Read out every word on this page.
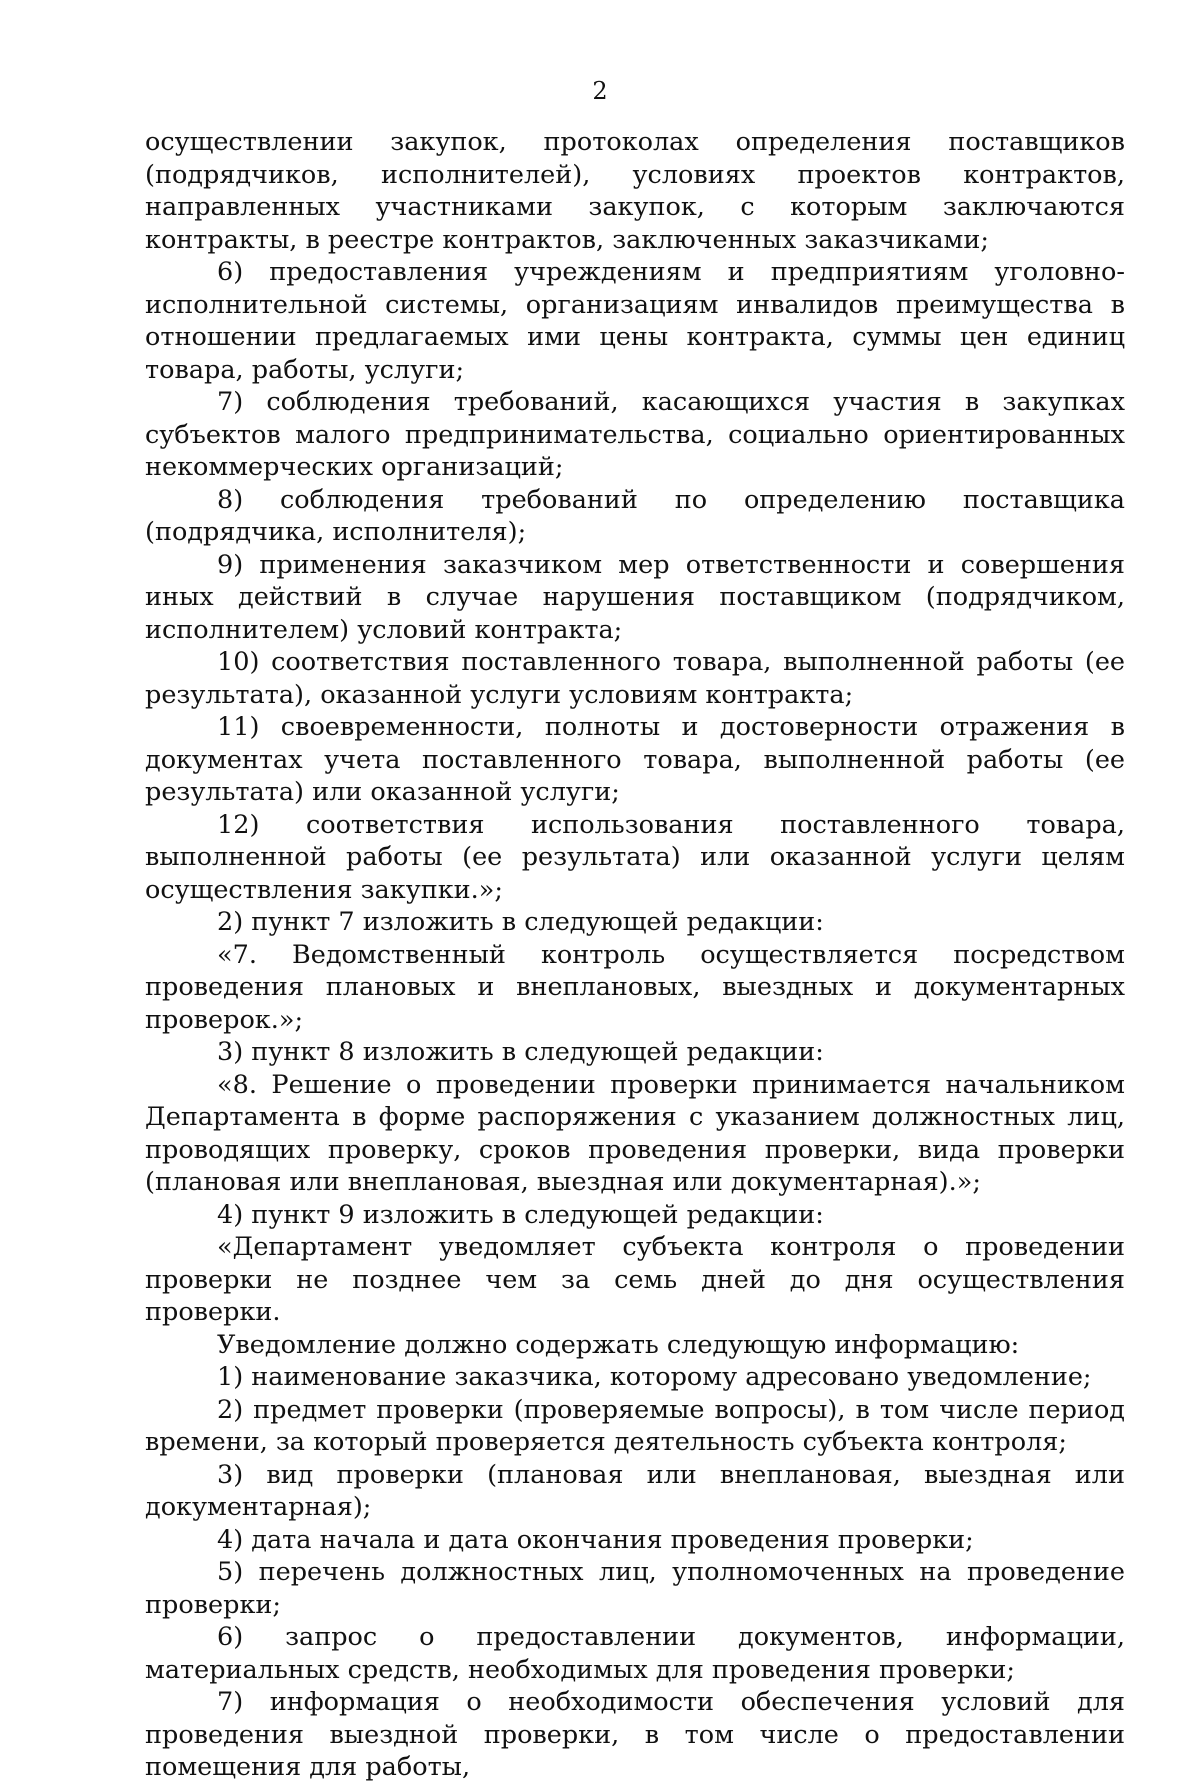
2

осуществлении закупок, протоколах определения поставщиков (подрядчиков, исполнителей), условиях проектов контрактов, направленных участниками закупок, с которым заключаются контракты, в реестре контрактов, заключенных заказчиками;

6) предоставления учреждениям и предприятиям уголовно-исполнительной системы, организациям инвалидов преимущества в отношении предлагаемых ими цены контракта, суммы цен единиц товара, работы, услуги;

7) соблюдения требований, касающихся участия в закупках субъектов малого предпринимательства, социально ориентированных некоммерческих организаций;

8) соблюдения требований по определению поставщика (подрядчика, исполнителя);

9) применения заказчиком мер ответственности и совершения иных действий в случае нарушения поставщиком (подрядчиком, исполнителем) условий контракта;

10) соответствия поставленного товара, выполненной работы (ее результата), оказанной услуги условиям контракта;

11) своевременности, полноты и достоверности отражения в документах учета поставленного товара, выполненной работы (ее результата) или оказанной услуги;

12) соответствия использования поставленного товара, выполненной работы (ее результата) или оказанной услуги целям осуществления закупки.»;

2) пункт 7 изложить в следующей редакции:

«7. Ведомственный контроль осуществляется посредством проведения плановых и внеплановых, выездных и документарных проверок.»;

3) пункт 8 изложить в следующей редакции:

«8. Решение о проведении проверки принимается начальником Департамента в форме распоряжения с указанием должностных лиц, проводящих проверку, сроков проведения проверки, вида проверки (плановая или внеплановая, выездная или документарная).»;

4) пункт 9 изложить в следующей редакции:

«Департамент уведомляет субъекта контроля о проведении проверки не позднее чем за семь дней до дня осуществления проверки.

Уведомление должно содержать следующую информацию:

1) наименование заказчика, которому адресовано уведомление;

2) предмет проверки (проверяемые вопросы), в том числе период времени, за который проверяется деятельность субъекта контроля;

3) вид проверки (плановая или внеплановая, выездная или документарная);

4) дата начала и дата окончания проведения проверки;

5) перечень должностных лиц, уполномоченных на проведение проверки;

6) запрос о предоставлении документов, информации, материальных средств, необходимых для проведения проверки;

7) информация о необходимости обеспечения условий для проведения выездной проверки, в том числе о предоставлении помещения для работы,
